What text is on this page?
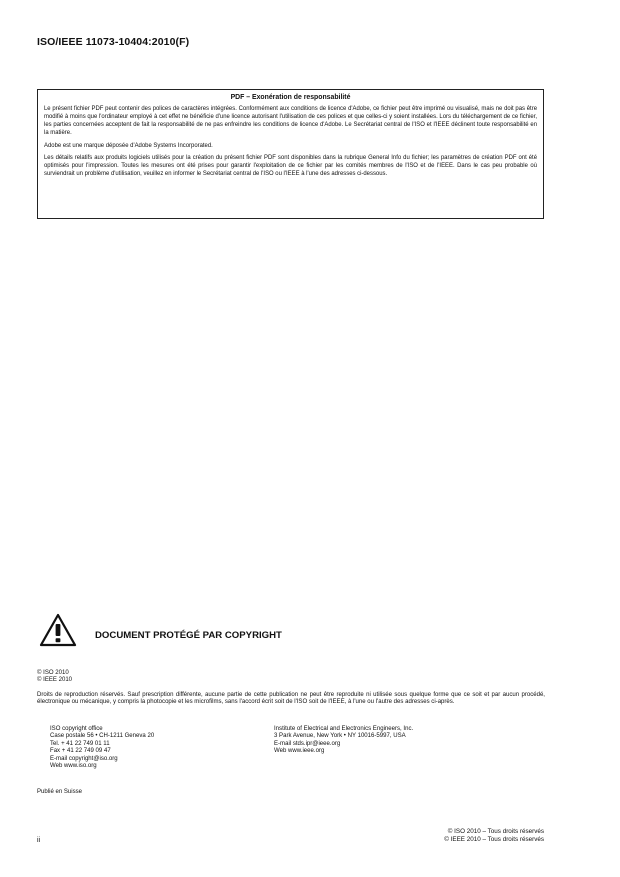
ISO/IEEE 11073-10404:2010(F)
PDF – Exonération de responsabilité

Le présent fichier PDF peut contenir des polices de caractères intégrées. Conformément aux conditions de licence d'Adobe, ce fichier peut être imprimé ou visualisé, mais ne doit pas être modifié à moins que l'ordinateur employé à cet effet ne bénéficie d'une licence autorisant l'utilisation de ces polices et que celles-ci y soient installées. Lors du téléchargement de ce fichier, les parties concernées acceptent de fait la responsabilité de ne pas enfreindre les conditions de licence d'Adobe. Le Secrétariat central de l'ISO et l'IEEE déclinent toute responsabilité en la matière.

Adobe est une marque déposée d'Adobe Systems Incorporated.

Les détails relatifs aux produits logiciels utilisés pour la création du présent fichier PDF sont disponibles dans la rubrique General Info du fichier; les paramètres de création PDF ont été optimisés pour l'impression. Toutes les mesures ont été prises pour garantir l'exploitation de ce fichier par les comités membres de l'ISO et de l'IEEE. Dans le cas peu probable où surviendrait un problème d'utilisation, veuillez en informer le Secrétariat central de l'ISO ou l'IEEE à l'une des adresses ci-dessous.

DOCUMENT PROTÉGÉ PAR COPYRIGHT
© ISO 2010
© IEEE 2010
Droits de reproduction réservés. Sauf prescription différente, aucune partie de cette publication ne peut être reproduite ni utilisée sous quelque forme que ce soit et par aucun procédé, électronique ou mécanique, y compris la photocopie et les microfilms, sans l'accord écrit soit de l'ISO soit de l'IEEE, à l'une ou l'autre des adresses ci-après.
ISO copyright office
Case postale 56 • CH-1211 Geneva 20
Tel. + 41 22 749 01 11
Fax + 41 22 749 09 47
E-mail copyright@iso.org
Web www.iso.org
Institute of Electrical and Electronics Engineers, Inc.
3 Park Avenue, New York • NY 10016-5997, USA
E-mail stds.ipr@ieee.org
Web www.ieee.org
Publié en Suisse
ii
© ISO 2010 – Tous droits réservés
© IEEE 2010 – Tous droits réservés
